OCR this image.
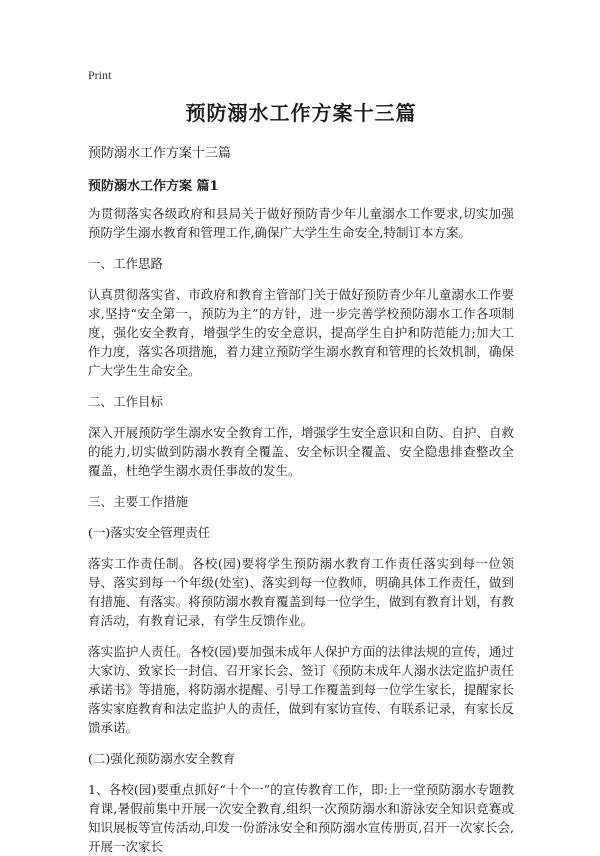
Print
预防溺水工作方案十三篇
预防溺水工作方案十三篇
预防溺水工作方案 篇1

为贯彻落实各级政府和县局关于做好预防青少年儿童溺水工作要求,切实加强预防学生溺水教育和管理工作,确保广大学生生命安全,特制订本方案。

一、工作思路

认真贯彻落实省、市政府和教育主管部门关于做好预防青少年儿童溺水工作要求,坚持“安全第一，预防为主”的方针，进一步完善学校预防溺水工作各项制度，强化安全教育，增强学生的安全意识，提高学生自护和防范能力;加大工作力度，落实各项措施，着力建立预防学生溺水教育和管理的长效机制，确保广大学生生命安全。

二、工作目标

深入开展预防学生溺水安全教育工作，增强学生安全意识和自防、自护、自救的能力,切实做到防溺水教育全覆盖、安全标识全覆盖、安全隐患排查整改全覆盖，杜绝学生溺水责任事故的发生。

三、主要工作措施

(一)落实安全管理责任

落实工作责任制。各校(园)要将学生预防溺水教育工作责任落实到每一位领导、落实到每一个年级(处室)、落实到每一位教师，明确具体工作责任，做到有措施、有落实。将预防溺水教育覆盖到每一位学生，做到有教育计划，有教育活动，有教育记录，有学生反馈作业。

落实监护人责任。各校(园)要加强未成年人保护方面的法律法规的宣传，通过大家访、致家长一封信、召开家长会、签订《预防未成年人溺水法定监护责任承诺书》等措施，将防溺水提醒、引导工作覆盖到每一位学生家长，提醒家长落实家庭教育和法定监护人的责任，做到有家访宣传、有联系记录，有家长反馈承诺。

(二)强化预防溺水安全教育

1、各校(园)要重点抓好“十个一”的宣传教育工作，即:上一堂预防溺水专题教育课,暑假前集中开展一次安全教育,组织一次预防溺水和游泳安全知识竞赛或知识展板等宣传活动,印发一份游泳安全和预防溺水宣传册页,召开一次家长会,开展一次家长
